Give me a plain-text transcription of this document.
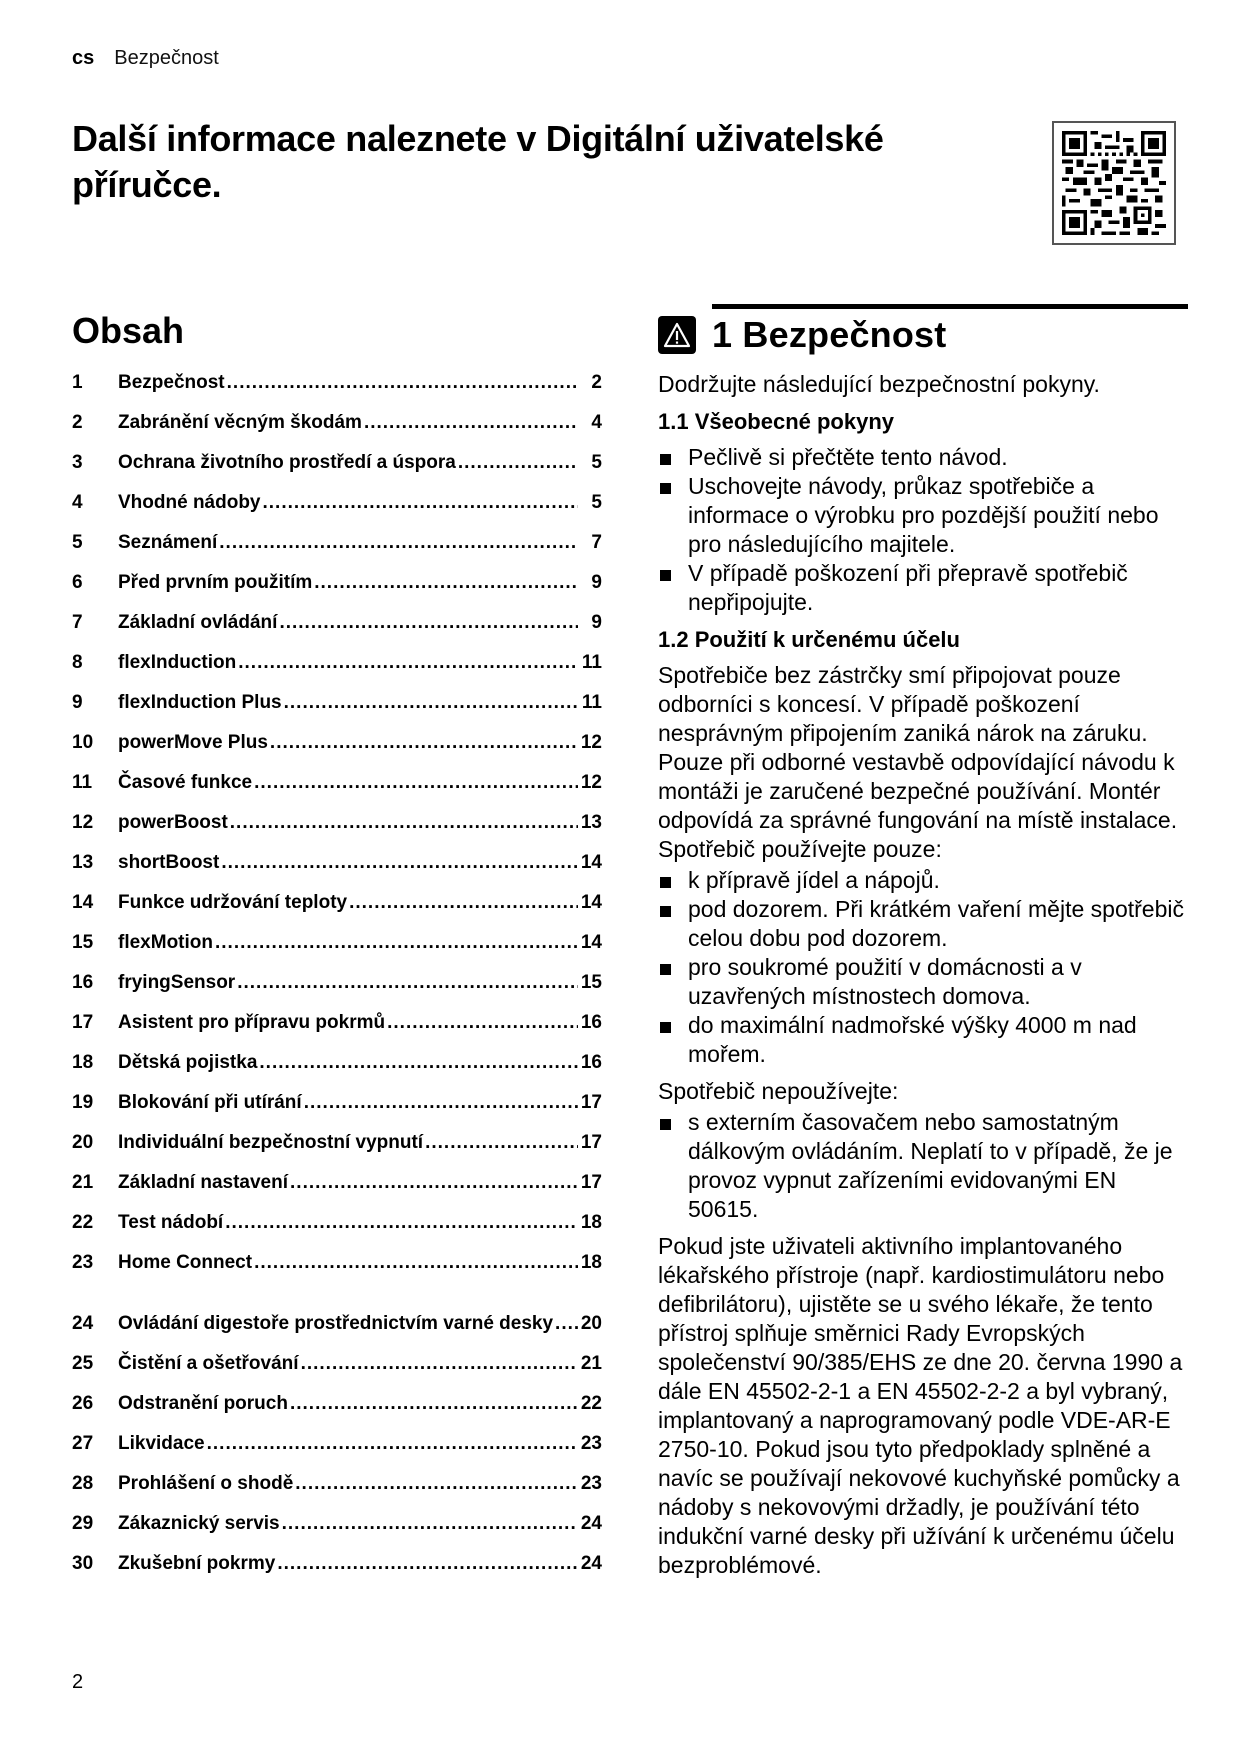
cs Bezpečnost
Další informace naleznete v Digitální uživatelské příručce.
Obsah
1	Bezpečnost .....	2
2	Zabránění věcným škodám .....	4
3	Ochrana životního prostředí a úspora .....	5
4	Vhodné nádoby .....	5
5	Seznámení .....	7
6	Před prvním použitím .....	9
7	Základní ovládání .....	9
8	flexInduction .....	11
9	flexInduction Plus .....	11
10	powerMove Plus .....	12
11	Časové funkce .....	12
12	powerBoost .....	13
13	shortBoost .....	14
14	Funkce udržování teploty .....	14
15	flexMotion .....	14
16	fryingSensor .....	15
17	Asistent pro přípravu pokrmů .....	16
18	Dětská pojistka .....	16
19	Blokování při utírání .....	17
20	Individuální bezpečnostní vypnutí .....	17
21	Základní nastavení .....	17
22	Test nádobí .....	18
23	Home Connect .....	18
24	Ovládání digestoře prostřednictvím varné desky ..... 20
25	Čistění a ošetřování .....	21
26	Odstranění poruch .....	22
27	Likvidace .....	23
28	Prohlášení o shodě .....	23
29	Zákaznický servis .....	24
30	Zkušební pokrmy .....	24
1 Bezpečnost

Dodržujte následující bezpečnostní pokyny.

1.1 Všeobecné pokyny
Pečlivě si přečtěte tento návod.
Uschovejte návody, průkaz spotřebiče a informace o výrobku pro pozdější použití nebo pro následujícího majitele.
V případě poškození při přepravě spotřebič nepřipojujte.
1.2 Použití k určenému účelu

Spotřebiče bez zástrčky smí připojovat pouze odborníci s koncesí. V případě poškození nesprávným připojením zaniká nárok na záruku. Pouze při odborné vestavbě odpovídající návodu k montáži je zaručené bezpečné používání. Montér odpovídá za správné fungování na místě instalace.

Spotřebič používejte pouze:

k přípravě jídel a nápojů.
pod dozorem. Při krátkém vaření mějte spotřebič celou dobu pod dozorem.
pro soukromé použití v domácnosti a v uzavřených místnostech domova.
do maximální nadmořské výšky 4000 m nad mořem.

Spotřebič nepoužívejte:

s externím časovačem nebo samostatným dálkovým ovládáním. Neplatí to v případě, že je provoz vypnut zařízeními evidovanými EN 50615.

Pokud jste uživateli aktivního implantovaného lékařského přístroje (např. kardiostimulátoru nebo defibrilátoru), ujistěte se u svého lékaře, že tento přístroj splňuje směrnici Rady Evropských společenství 90/385/EHS ze dne 20. června 1990 a dále EN 45502-2-1 a EN 45502-2-2 a byl vybraný, implantovaný a naprogramovaný podle VDE-AR-E 2750-10. Pokud jsou tyto předpoklady splněné a navíc se používají nekovové kuchyňské pomůcky a nádoby s nekovovými držadly, je používání této indukční varné desky při užívání k určenému účelu bezproblémové.

2
